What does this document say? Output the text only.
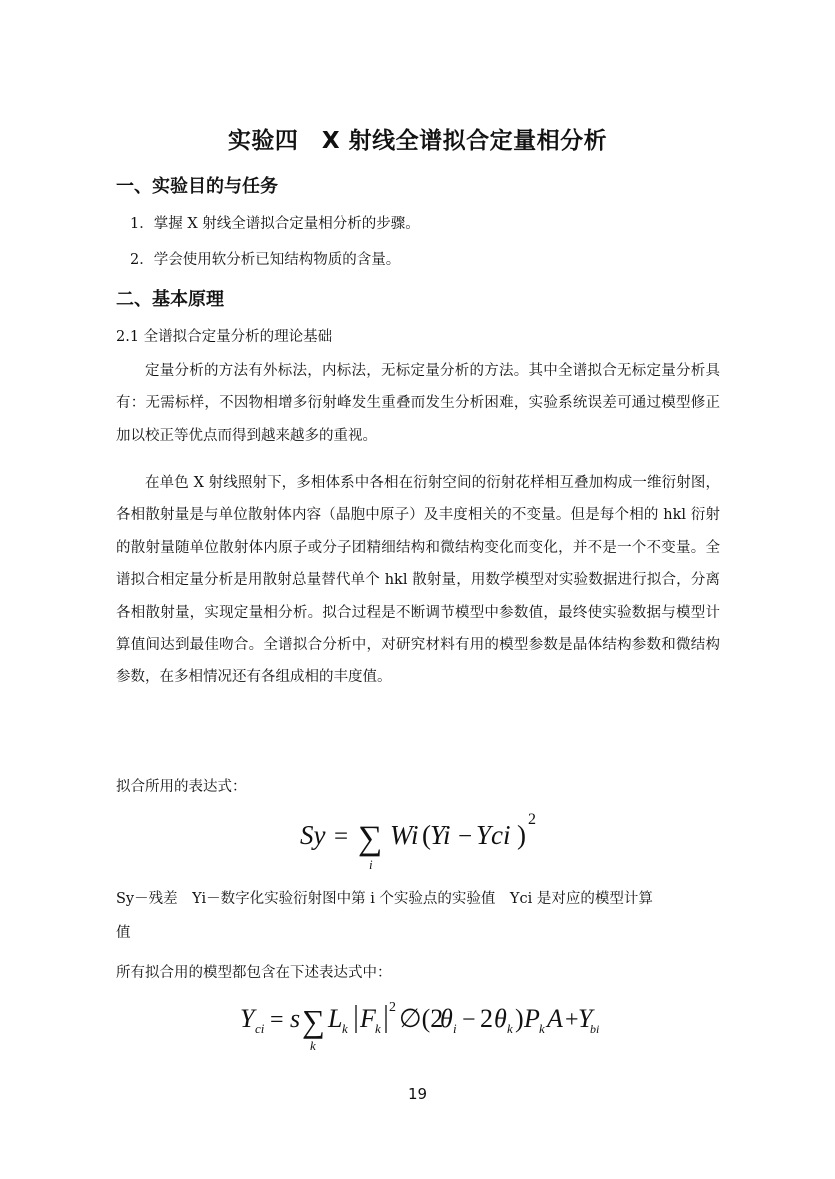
实验四　X 射线全谱拟合定量相分析
一、实验目的与任务
1．掌握 X 射线全谱拟合定量相分析的步骤。
2．学会使用软分析已知结构物质的含量。
二、基本原理
2.1 全谱拟合定量分析的理论基础

定量分析的方法有外标法，内标法，无标定量分析的方法。其中全谱拟合无标定量分析具有：无需标样，不因物相增多衍射峰发生重叠而发生分析困难，实验系统误差可通过模型修正加以校正等优点而得到越来越多的重视。

在单色 X 射线照射下，多相体系中各相在衍射空间的衍射花样相互叠加构成一维衍射图，各相散射量是与单位散射体内容（晶胞中原子）及丰度相关的不变量。但是每个相的 hkl 衍射的散射量随单位散射体内原子或分子团精细结构和微结构变化而变化，并不是一个不变量。全谱拟合相定量分析是用散射总量替代单个 hkl 散射量，用数学模型对实验数据进行拟合，分离各相散射量，实现定量相分析。拟合过程是不断调节模型中参数值，最终使实验数据与模型计算值间达到最佳吻合。全谱拟合分析中，对研究材料有用的模型参数是晶体结构参数和微结构参数，在多相情况还有各组成相的丰度值。

拟合所用的表达式：
Sy = ∑
i
Wi ( Yi − Yci )
2
Sy－残差　Yi－数字化实验衍射图中第 i 个实验点的实验值　Yci 是对应的模型计算
值
所有拟合用的模型都包含在下述表达式中：
Y ci = s ∑
k
L k F k
2 ∅(2
θ i − 2 θ k ) P k A + Y
bi
19
